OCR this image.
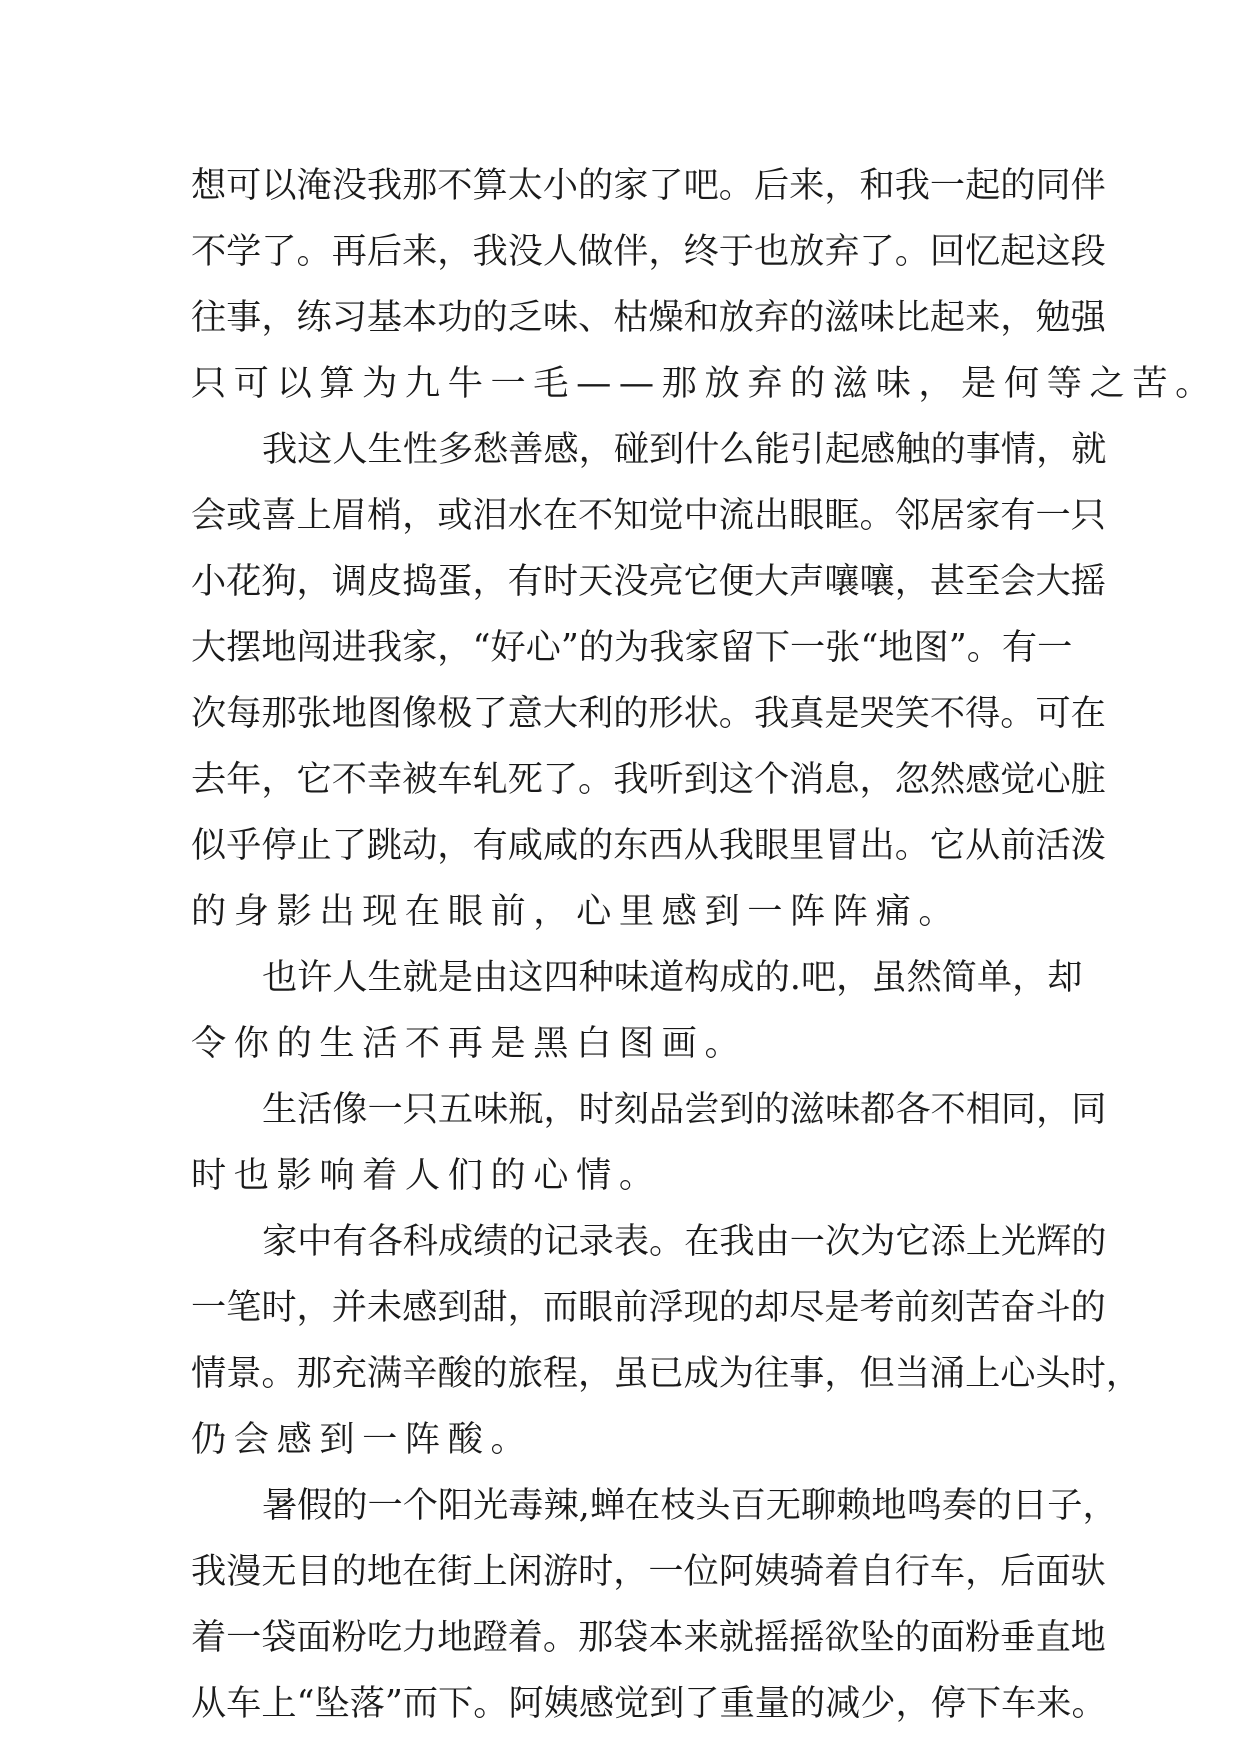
想可以淹没我那不算太小的家了吧。后来，和我一起的同伴
不学了。再后来，我没人做伴，终于也放弃了。回忆起这段
往事，练习基本功的乏味、枯燥和放弃的滋味比起来，勉强
只可以算为九牛一毛——那放弃的滋味，是何等之苦。
我这人生性多愁善感，碰到什么能引起感触的事情，就
会或喜上眉梢，或泪水在不知觉中流出眼眶。邻居家有一只
小花狗，调皮捣蛋，有时天没亮它便大声嚷嚷，甚至会大摇
大摆地闯进我家，“好心”的为我家留下一张“地图”。有一
次每那张地图像极了意大利的形状。我真是哭笑不得。可在
去年，它不幸被车轧死了。我听到这个消息，忽然感觉心脏
似乎停止了跳动，有咸咸的东西从我眼里冒出。它从前活泼
的身影出现在眼前，心里感到一阵阵痛。
也许人生就是由这四种味道构成的.吧，虽然简单，却
令你的生活不再是黑白图画。
生活像一只五味瓶，时刻品尝到的滋味都各不相同，同
时也影响着人们的心情。
家中有各科成绩的记录表。在我由一次为它添上光辉的
一笔时，并未感到甜，而眼前浮现的却尽是考前刻苦奋斗的
情景。那充满辛酸的旅程，虽已成为往事，但当涌上心头时，
仍会感到一阵酸。
暑假的一个阳光毒辣,蝉在枝头百无聊赖地鸣奏的日子，
我漫无目的地在街上闲游时，一位阿姨骑着自行车，后面驮
着一袋面粉吃力地蹬着。那袋本来就摇摇欲坠的面粉垂直地
从车上“坠落”而下。阿姨感觉到了重量的减少，停下车来。
